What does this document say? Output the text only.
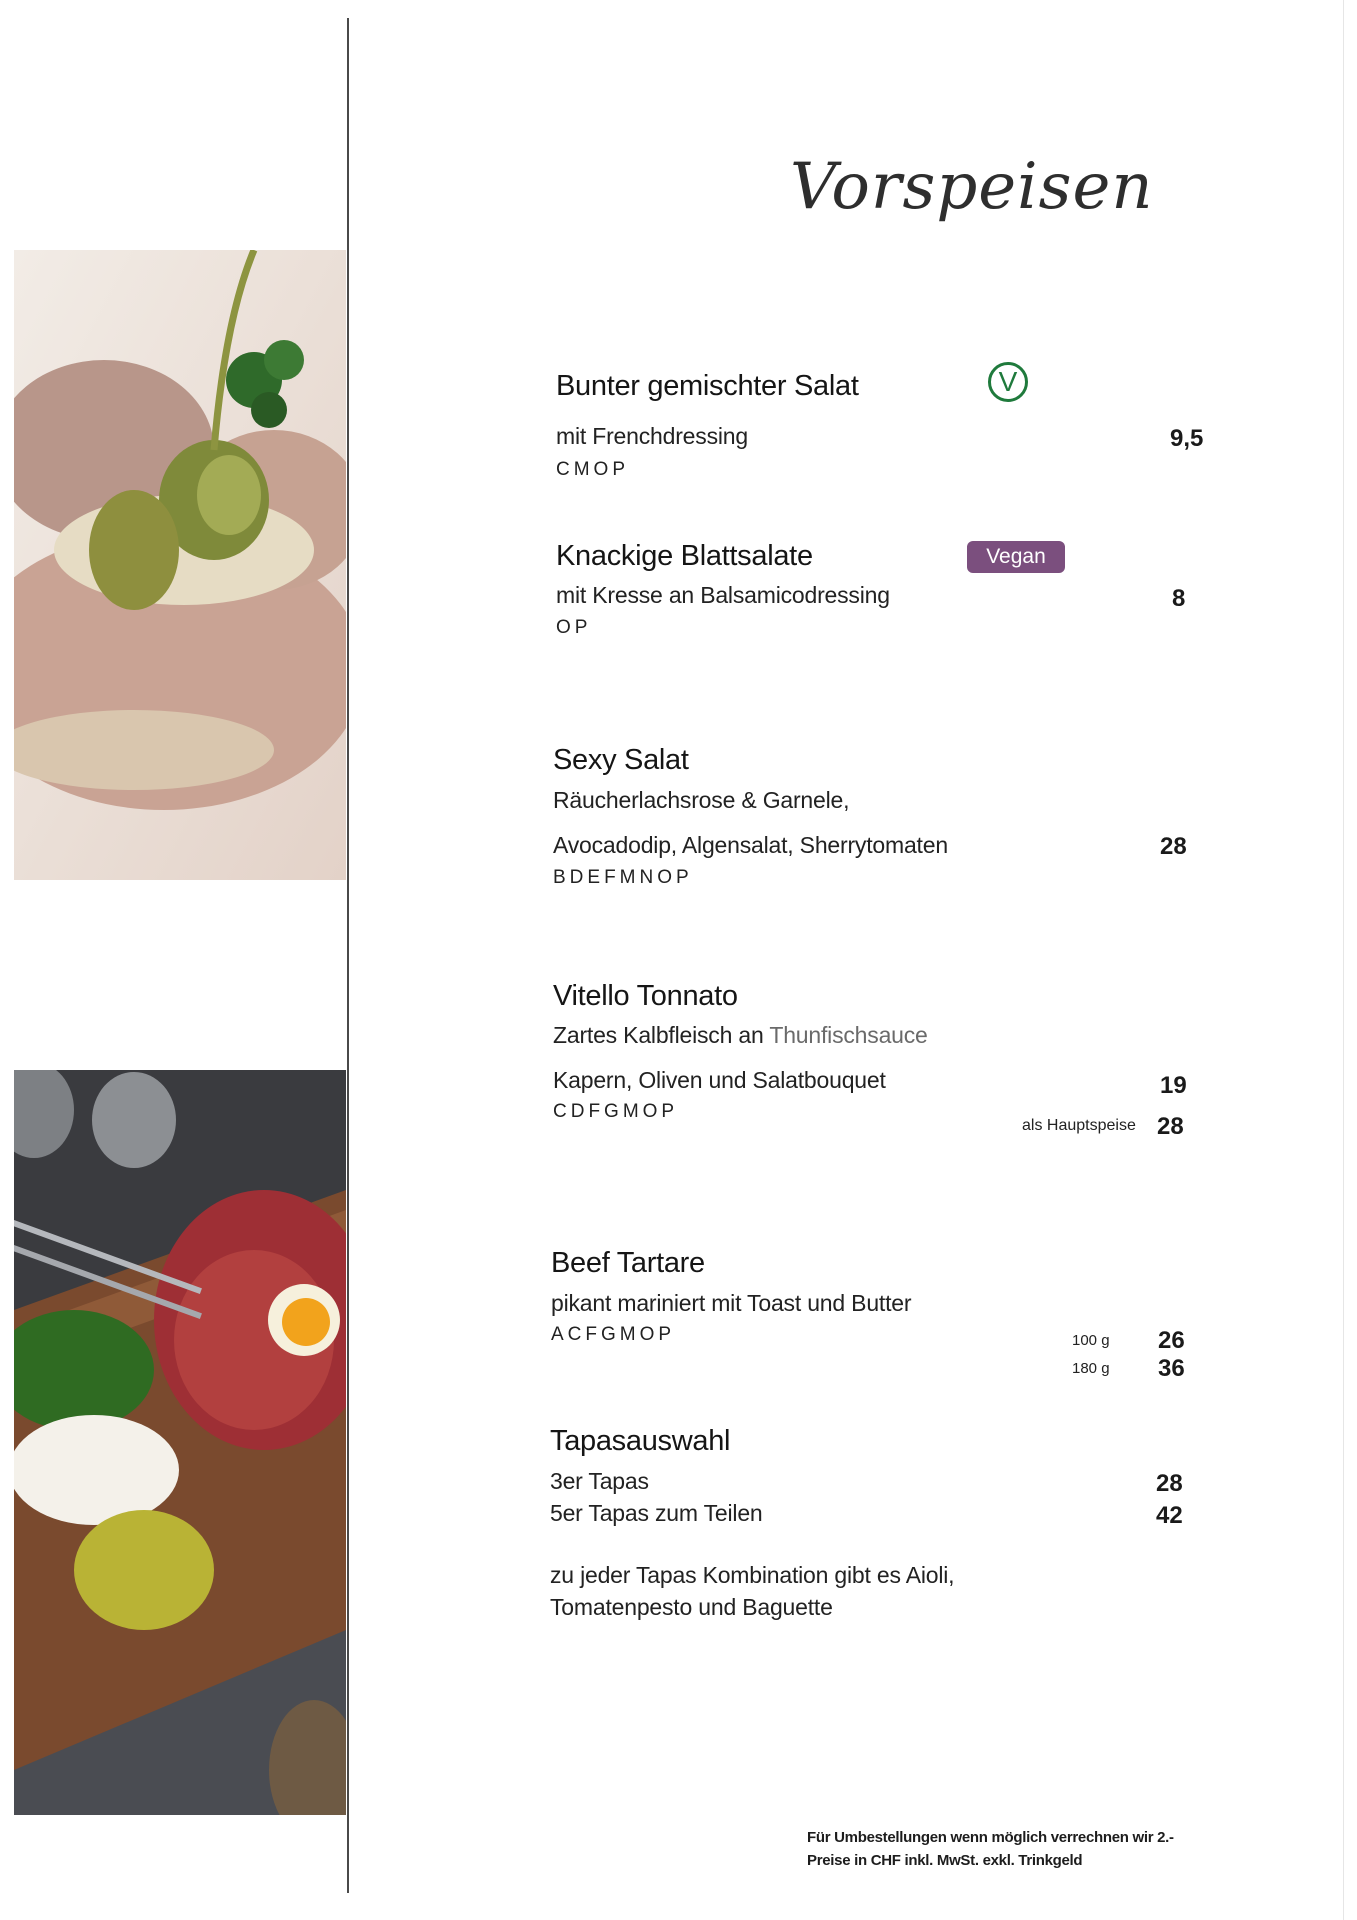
Vorspeisen
Bunter gemischter Salat	V
mit Frenchdressing	9,5
CMOP
Knackige Blattsalate	Vegan
mit Kresse an Balsamicodressing	8
OP
Sexy Salat
Räucherlachsrose & Garnele,
Avocadodip, Algensalat, Sherrytomaten	28
BDEFMNOP
Vitello Tonnato
Zartes Kalbfleisch an Thunfischsauce
Kapern, Oliven und Salatbouquet	19
CDFGMOP
als Hauptspeise 28
Beef Tartare
pikant mariniert mit Toast und Butter
ACFGMOP	100 g 26
180 g 36
Tapasauswahl
3er Tapas	28
5er Tapas zum Teilen	42
zu jeder Tapas Kombination gibt es Aioli,
Tomatenpesto und Baguette
Für Umbestellungen wenn möglich verrechnen wir 2.-
Preise in CHF inkl. MwSt. exkl. Trinkgeld
